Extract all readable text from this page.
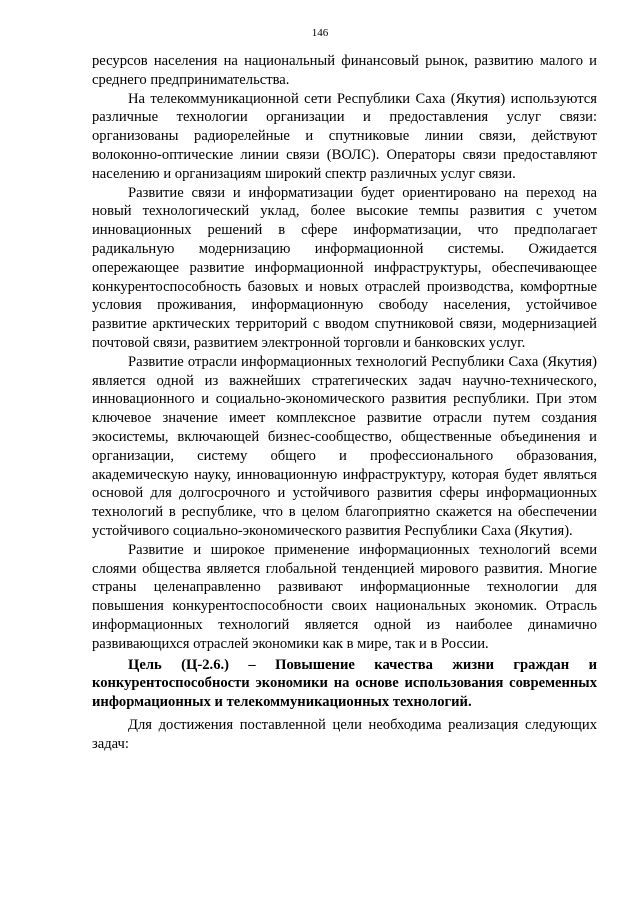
146

ресурсов населения на национальный финансовый рынок, развитию малого и среднего предпринимательства.

На телекоммуникационной сети Республики Саха (Якутия) используются различные технологии организации и предоставления услуг связи: организованы радиорелейные и спутниковые линии связи, действуют волоконно-оптические линии связи (ВОЛС). Операторы связи предоставляют населению и организациям широкий спектр различных услуг связи.

Развитие связи и информатизации будет ориентировано на переход на новый технологический уклад, более высокие темпы развития с учетом инновационных решений в сфере информатизации, что предполагает радикальную модернизацию информационной системы. Ожидается опережающее развитие информационной инфраструктуры, обеспечивающее конкурентоспособность базовых и новых отраслей производства, комфортные условия проживания, информационную свободу населения, устойчивое развитие арктических территорий с вводом спутниковой связи, модернизацией почтовой связи, развитием электронной торговли и банковских услуг.

Развитие отрасли информационных технологий Республики Саха (Якутия) является одной из важнейших стратегических задач научно-технического, инновационного и социально-экономического развития республики. При этом ключевое значение имеет комплексное развитие отрасли путем создания экосистемы, включающей бизнес-сообщество, общественные объединения и организации, систему общего и профессионального образования, академическую науку, инновационную инфраструктуру, которая будет являться основой для долгосрочного и устойчивого развития сферы информационных технологий в республике, что в целом благоприятно скажется на обеспечении устойчивого социально-экономического развития Республики Саха (Якутия).

Развитие и широкое применение информационных технологий всеми слоями общества является глобальной тенденцией мирового развития. Многие страны целенаправленно развивают информационные технологии для повышения конкурентоспособности своих национальных экономик. Отрасль информационных технологий является одной из наиболее динамично развивающихся отраслей экономики как в мире, так и в России.

Цель (Ц-2.6.) – Повышение качества жизни граждан и конкурентоспособности экономики на основе использования современных информационных и телекоммуникационных технологий.

Для достижения поставленной цели необходима реализация следующих задач:
